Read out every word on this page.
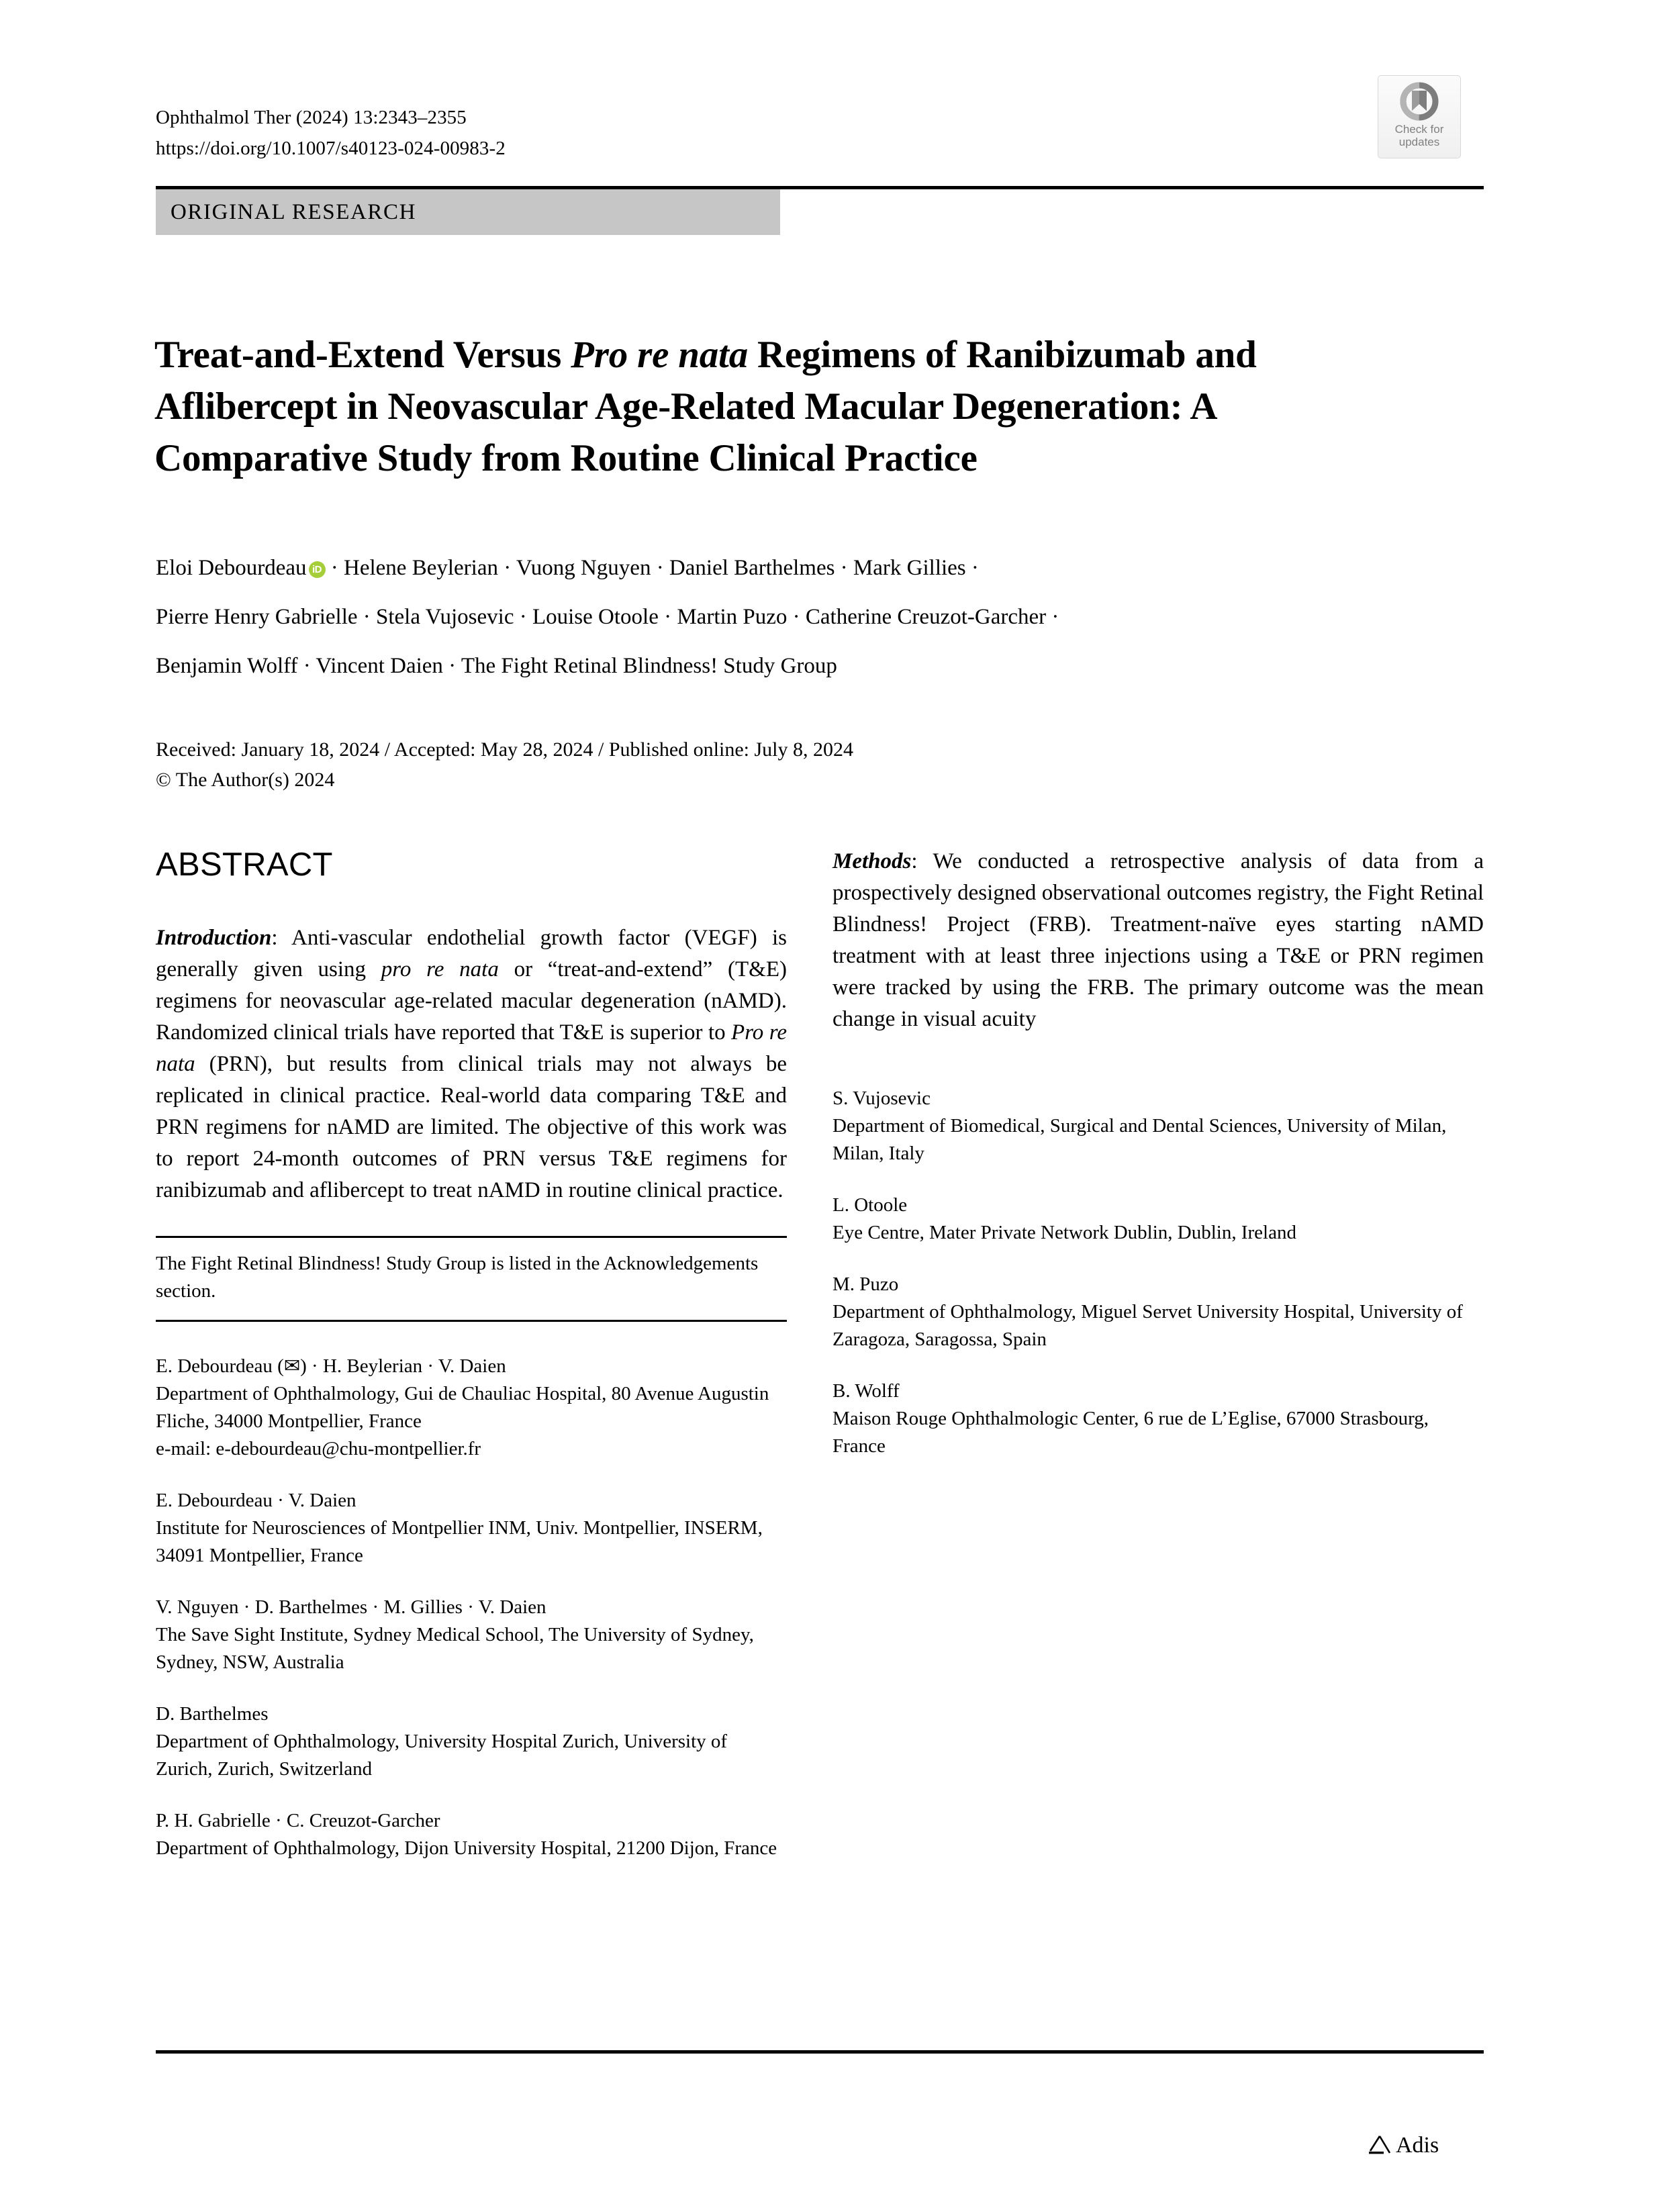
Ophthalmol Ther (2024) 13:2343–2355
https://doi.org/10.1007/s40123-024-00983-2
Check for
updates
ORIGINAL RESEARCH
Treat-and-Extend Versus Pro re nata Regimens of Ranibizumab and Aflibercept in Neovascular Age-Related Macular Degeneration: A Comparative Study from Routine Clinical Practice
Eloi Debourdeau iD · Helene Beylerian · Vuong Nguyen · Daniel Barthelmes · Mark Gillies ·
Pierre Henry Gabrielle · Stela Vujosevic · Louise Otoole · Martin Puzo · Catherine Creuzot-Garcher ·
Benjamin Wolff · Vincent Daien · The Fight Retinal Blindness! Study Group
Received: January 18, 2024 / Accepted: May 28, 2024 / Published online: July 8, 2024
© The Author(s) 2024
ABSTRACT

Introduction: Anti-vascular endothelial growth factor (VEGF) is generally given using pro re nata or “treat-and-extend” (T&E) regimens for neovascular age-related macular degeneration (nAMD). Randomized clinical trials have reported that T&E is superior to Pro re nata (PRN), but results from clinical trials may not always be replicated in clinical practice. Real-world data comparing T&E and PRN regimens for nAMD are limited. The objective of this work was to report 24-month outcomes of PRN versus T&E regimens for ranibizumab and aflibercept to treat nAMD in routine clinical practice.

The Fight Retinal Blindness! Study Group is listed in the Acknowledgements section.

E. Debourdeau (✉) · H. Beylerian · V. Daien
Department of Ophthalmology, Gui de Chauliac Hospital, 80 Avenue Augustin Fliche, 34000 Montpellier, France
e-mail: e-debourdeau@chu-montpellier.fr
E. Debourdeau · V. Daien
Institute for Neurosciences of Montpellier INM, Univ. Montpellier, INSERM, 34091 Montpellier, France
V. Nguyen · D. Barthelmes · M. Gillies · V. Daien
The Save Sight Institute, Sydney Medical School, The University of Sydney, Sydney, NSW, Australia
D. Barthelmes
Department of Ophthalmology, University Hospital Zurich, University of Zurich, Zurich, Switzerland
P. H. Gabrielle · C. Creuzot-Garcher
Department of Ophthalmology, Dijon University Hospital, 21200 Dijon, France

Methods: We conducted a retrospective analysis of data from a prospectively designed observational outcomes registry, the Fight Retinal Blindness! Project (FRB). Treatment-naïve eyes starting nAMD treatment with at least three injections using a T&E or PRN regimen were tracked by using the FRB. The primary outcome was the mean change in visual acuity

S. Vujosevic
Department of Biomedical, Surgical and Dental Sciences, University of Milan, Milan, Italy
L. Otoole
Eye Centre, Mater Private Network Dublin, Dublin, Ireland
M. Puzo
Department of Ophthalmology, Miguel Servet University Hospital, University of Zaragoza, Saragossa, Spain
B. Wolff
Maison Rouge Ophthalmologic Center, 6 rue de L’Eglise, 67000 Strasbourg, France
Adis
